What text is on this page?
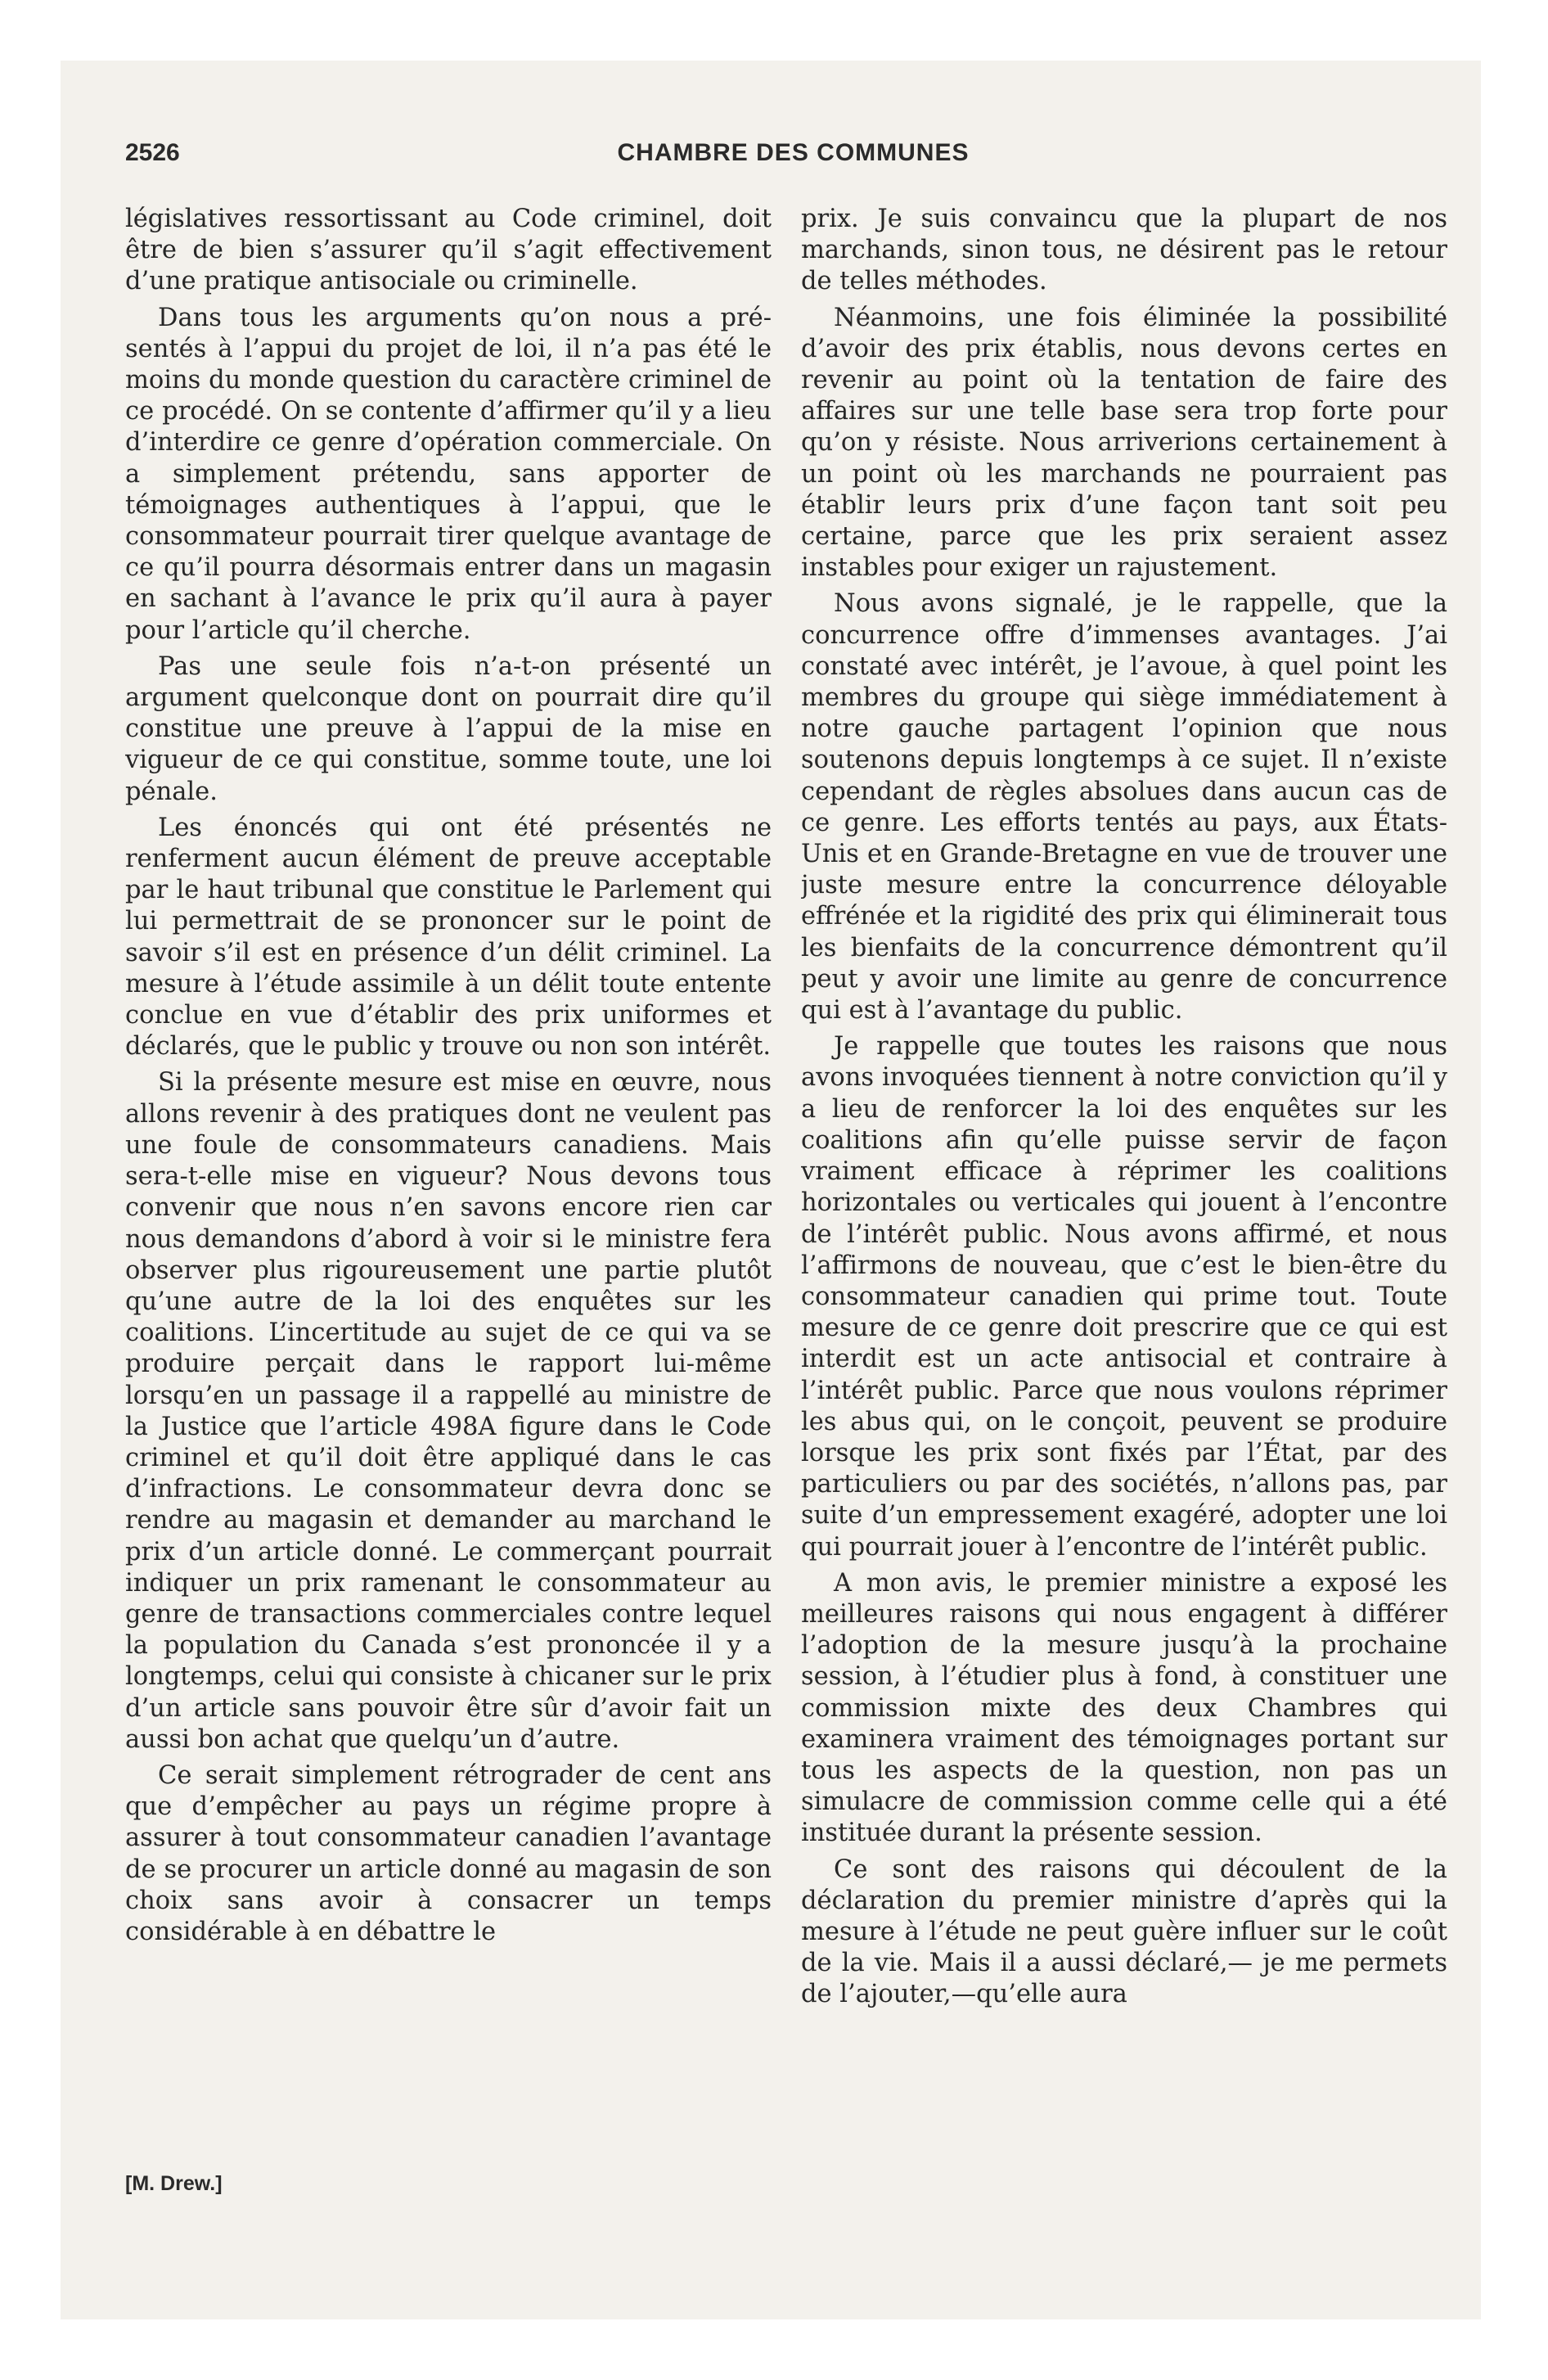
2526	CHAMBRE DES COMMUNES

législatives ressortissant au Code criminel, doit être de bien s’assurer qu’il s’agit effectivement d’une pratique antisociale ou criminelle.

Dans tous les arguments qu’on nous a présentés à l’appui du projet de loi, il n’a pas été le moins du monde question du caractère criminel de ce procédé. On se contente d’affirmer qu’il y a lieu d’interdire ce genre d’opération commerciale. On a simplement prétendu, sans apporter de témoignages authentiques à l’appui, que le consommateur pourrait tirer quelque avantage de ce qu’il pourra désormais entrer dans un magasin en sachant à l’avance le prix qu’il aura à payer pour l’article qu’il cherche.

Pas une seule fois n’a-t-on présenté un argument quelconque dont on pourrait dire qu’il constitue une preuve à l’appui de la mise en vigueur de ce qui constitue, somme toute, une loi pénale.

Les énoncés qui ont été présentés ne renferment aucun élément de preuve acceptable par le haut tribunal que constitue le Parlement qui lui permettrait de se prononcer sur le point de savoir s’il est en présence d’un délit criminel. La mesure à l’étude assimile à un délit toute entente conclue en vue d’établir des prix uniformes et déclarés, que le public y trouve ou non son intérêt.

Si la présente mesure est mise en œuvre, nous allons revenir à des pratiques dont ne veulent pas une foule de consommateurs canadiens. Mais sera-t-elle mise en vigueur? Nous devons tous convenir que nous n’en savons encore rien car nous demandons d’abord à voir si le ministre fera observer plus rigoureusement une partie plutôt qu’une autre de la loi des enquêtes sur les coalitions. L’incertitude au sujet de ce qui va se produire perçait dans le rapport lui-même lorsqu’en un passage il a rappellé au ministre de la Justice que l’article 498A figure dans le Code criminel et qu’il doit être appliqué dans le cas d’infractions. Le consommateur devra donc se rendre au magasin et demander au marchand le prix d’un article donné. Le commerçant pourrait indiquer un prix ramenant le consommateur au genre de transactions commerciales contre lequel la population du Canada s’est prononcée il y a longtemps, celui qui consiste à chicaner sur le prix d’un article sans pouvoir être sûr d’avoir fait un aussi bon achat que quelqu’un d’autre.

Ce serait simplement rétrograder de cent ans que d’empêcher au pays un régime propre à assurer à tout consommateur canadien l’avantage de se procurer un article donné au magasin de son choix sans avoir à consacrer un temps considérable à en débattre le

prix. Je suis convaincu que la plupart de nos marchands, sinon tous, ne désirent pas le retour de telles méthodes.

Néanmoins, une fois éliminée la possibilité d’avoir des prix établis, nous devons certes en revenir au point où la tentation de faire des affaires sur une telle base sera trop forte pour qu’on y résiste. Nous arriverions certainement à un point où les marchands ne pourraient pas établir leurs prix d’une façon tant soit peu certaine, parce que les prix seraient assez instables pour exiger un rajustement.

Nous avons signalé, je le rappelle, que la concurrence offre d’immenses avantages. J’ai constaté avec intérêt, je l’avoue, à quel point les membres du groupe qui siège immédiatement à notre gauche partagent l’opinion que nous soutenons depuis longtemps à ce sujet. Il n’existe cependant de règles absolues dans aucun cas de ce genre. Les efforts tentés au pays, aux États-Unis et en Grande-Bretagne en vue de trouver une juste mesure entre la concurrence déloyable effrénée et la rigidité des prix qui éliminerait tous les bienfaits de la concurrence démontrent qu’il peut y avoir une limite au genre de concurrence qui est à l’avantage du public.

Je rappelle que toutes les raisons que nous avons invoquées tiennent à notre conviction qu’il y a lieu de renforcer la loi des enquêtes sur les coalitions afin qu’elle puisse servir de façon vraiment efficace à réprimer les coalitions horizontales ou verticales qui jouent à l’encontre de l’intérêt public. Nous avons affirmé, et nous l’affirmons de nouveau, que c’est le bien-être du consommateur canadien qui prime tout. Toute mesure de ce genre doit prescrire que ce qui est interdit est un acte antisocial et contraire à l’intérêt public. Parce que nous voulons réprimer les abus qui, on le conçoit, peuvent se produire lorsque les prix sont fixés par l’État, par des particuliers ou par des sociétés, n’allons pas, par suite d’un empressement exagéré, adopter une loi qui pourrait jouer à l’encontre de l’intérêt public.

A mon avis, le premier ministre a exposé les meilleures raisons qui nous engagent à différer l’adoption de la mesure jusqu’à la prochaine session, à l’étudier plus à fond, à constituer une commission mixte des deux Chambres qui examinera vraiment des témoignages portant sur tous les aspects de la question, non pas un simulacre de commission comme celle qui a été instituée durant la présente session.

Ce sont des raisons qui découlent de la déclaration du premier ministre d’après qui la mesure à l’étude ne peut guère influer sur le coût de la vie. Mais il a aussi déclaré,— je me permets de l’ajouter,—qu’elle aura

[M. Drew.]
